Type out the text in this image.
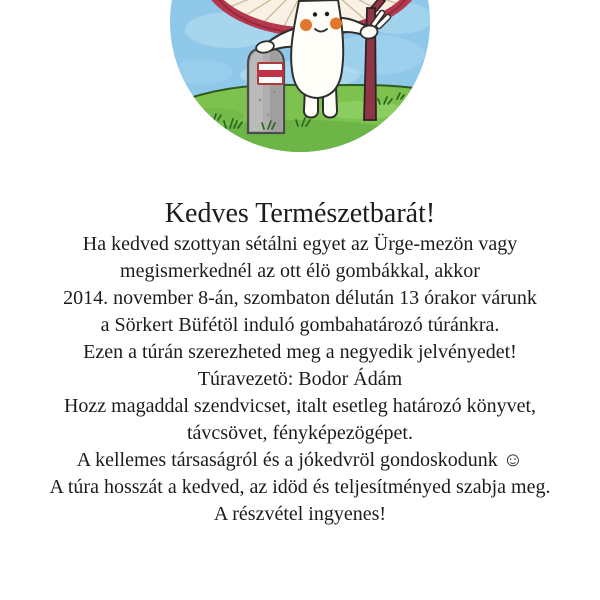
Kedves Természetbarát!

Ha kedved szottyan sétálni egyet az Ürge-mezön vagy
megismerkednél az ott élö gombákkal, akkor
2014. november 8-án, szombaton délután 13 órakor várunk

a Sörkert Büfétöl induló gombahatározó túránkra.

Ezen a túrán szerezheted meg a negyedik jelvényedet!

Túravezetö: Bodor Ádám

Hozz magaddal szendvicset, italt esetleg határozó könyvet,
távcsövet, fényképezögépet.

A kellemes társaságról és a jókedvröl gondoskodunk ☺
A túra hosszát a kedved, az idöd és teljesítményed szabja meg.
A részvétel ingyenes!
